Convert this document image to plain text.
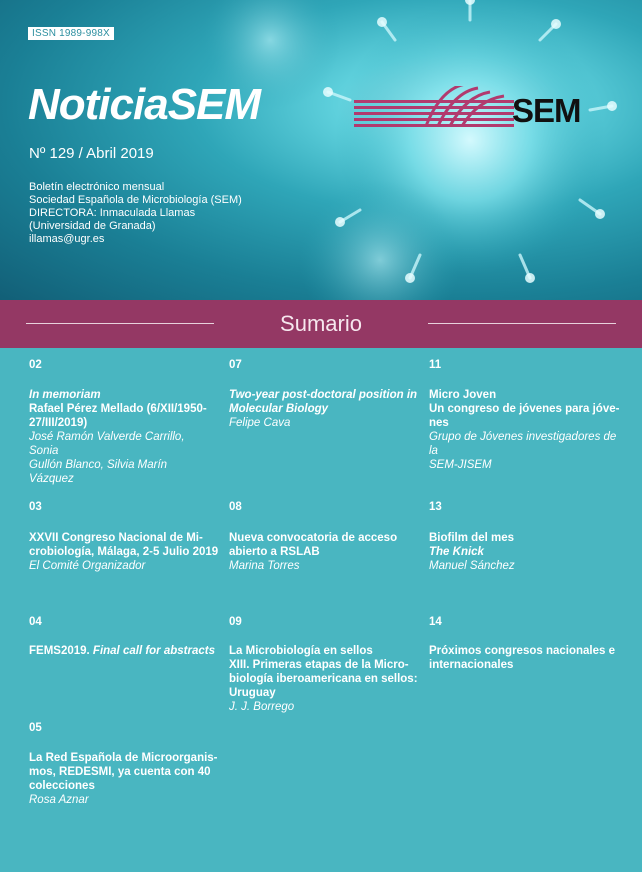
ISSN 1989-998X
NoticiaSEM
Nº 129 / Abril 2019
Boletín electrónico mensual
Sociedad Española de Microbiología (SEM)
DIRECTORA: Inmaculada Llamas
(Universidad de Granada)
illamas@ugr.es
SEM
Sumario
02
In memoriam
Rafael Pérez Mellado (6/XII/1950-
27/III/2019)
José Ramón Valverde Carrillo, Sonia
Gullón Blanco, Silvia Marín Vázquez
07
Two-year post-doctoral position in
Molecular Biology
Felipe Cava
11
Micro Joven
Un congreso de jóvenes para jóve-
nes
Grupo de Jóvenes investigadores de la
SEM-JISEM
03
XXVII Congreso Nacional de Mi-
crobiología, Málaga, 2-5 Julio 2019
El Comité Organizador
08
Nueva convocatoria de acceso
abierto a RSLAB
Marina Torres
13
Biofilm del mes
The Knick
Manuel Sánchez
04
FEMS2019. Final call for abstracts
09
La Microbiología en sellos
XIII. Primeras etapas de la Micro-
biología iberoamericana en sellos:
Uruguay
J. J. Borrego
14
Próximos congresos nacionales e
internacionales
05
La Red Española de Microorganis-
mos, REDESMI, ya cuenta con 40
colecciones
Rosa Aznar
